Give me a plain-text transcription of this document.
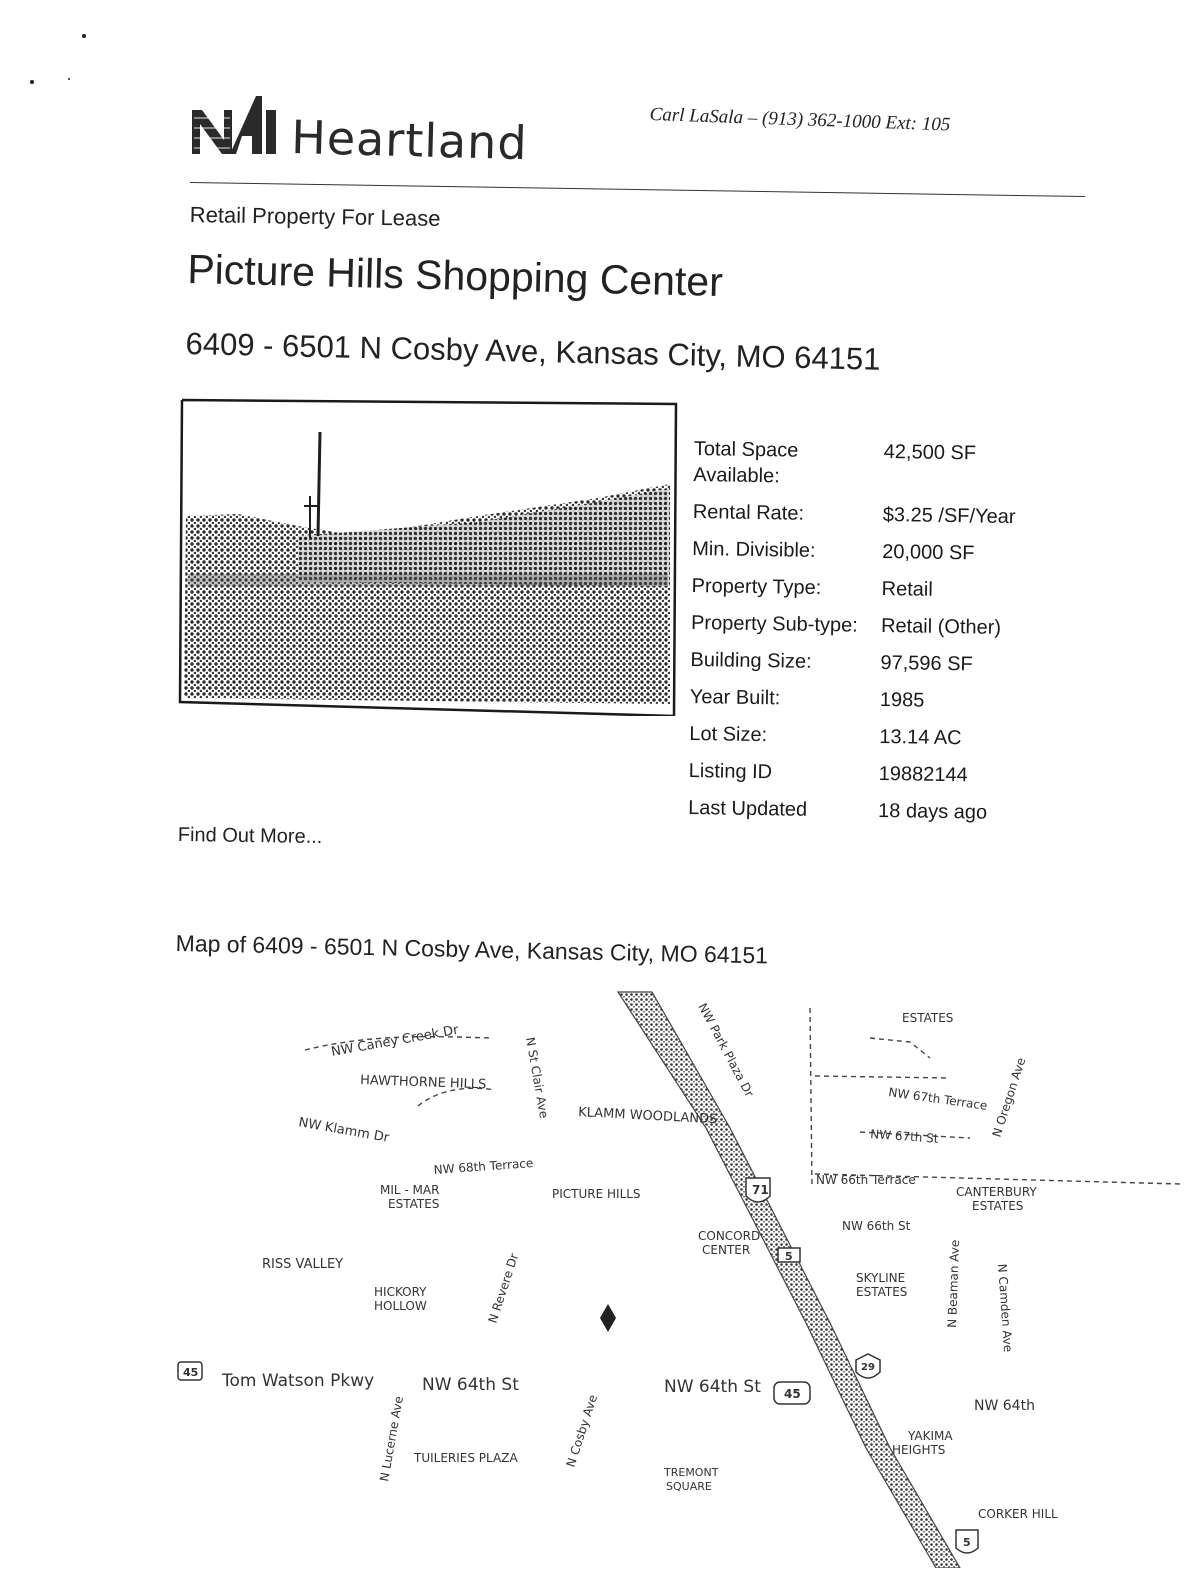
Heartland	Carl LaSala – (913) 362-1000 Ext: 105
Retail Property For Lease
Picture Hills Shopping Center
6409 - 6501 N Cosby Ave, Kansas City, MO 64151
Total Space Available:
42,500 SF
Rental Rate:	$3.25 /SF/Year
Min. Divisible:	20,000 SF
Property Type:	Retail
Property Sub-type:	Retail (Other)
Building Size:	97,596 SF
Year Built:	1985
Lot Size:	13.14 AC
Listing ID	19882144
Last Updated	18 days ago
Find Out More...
Map of 6409 - 6501 N Cosby Ave, Kansas City, MO 64151
NW Caney Creek Dr	N St Clair Ave
HAWTHORNE HILLS
NW Klamm Dr	KLAMM WOODLANDS
NW Park Plaza Dr	ESTATES
NW 67th Terrace
NW 67th St	N Oregon Ave
NW 68th Terrace
MIL - MAR
ESTATES
PICTURE HILLS
NW 66th Terrace
CANTERBURY
ESTATES
NW 66th St
CONCORD
CENTER
RISS VALLEY
HICKORY
HOLLOW	N Revere Dr	N Beaman Ave	N Camden Ave
SKYLINE
ESTATES
Tom Watson Pkwy	NW 64th St	NW 64th St
NW 64th
N Cosby Ave
N Lucerne Ave TUILERIES PLAZA
YAKIMA
HEIGHTS
TREMONT
SQUARE
CORKER HILL
71
5
45
45	29
5
